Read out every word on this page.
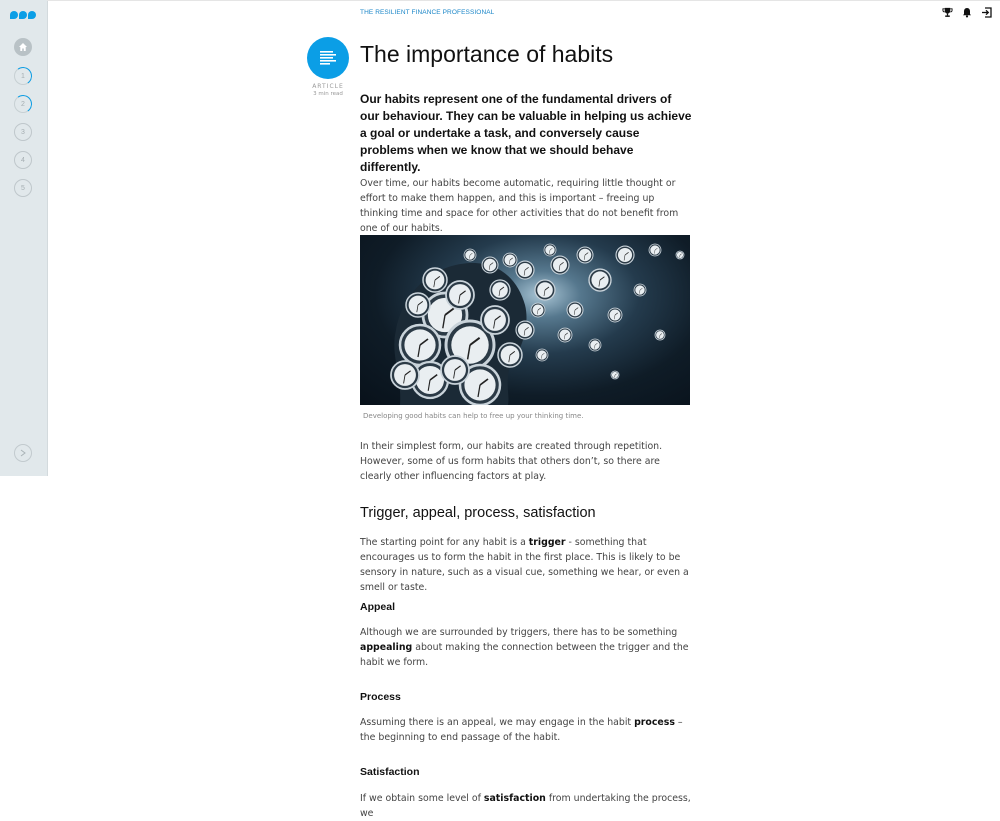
1
2
3
4
5
THE RESILIENT FINANCE PROFESSIONAL
ARTICLE
3 min read
The importance of habits

Our habits represent one of the fundamental drivers of our behaviour. They can be valuable in helping us achieve a goal or undertake a task, and conversely cause problems when we know that we should behave differently.

Over time, our habits become automatic, requiring little thought or effort to make them happen, and this is important – freeing up thinking time and space for other activities that do not benefit from one of our habits.

Developing good habits can help to free up your thinking time.

In their simplest form, our habits are created through repetition. However, some of us form habits that others don’t, so there are clearly other influencing factors at play.

Trigger, appeal, process, satisfaction

The starting point for any habit is a trigger - something that encourages us to form the habit in the first place. This is likely to be sensory in nature, such as a visual cue, something we hear, or even a smell or taste.

Appeal

Although we are surrounded by triggers, there has to be something appealing about making the connection between the trigger and the habit we form.

Process

Assuming there is an appeal, we may engage in the habit process – the beginning to end passage of the habit.

Satisfaction

If we obtain some level of satisfaction from undertaking the process, we
